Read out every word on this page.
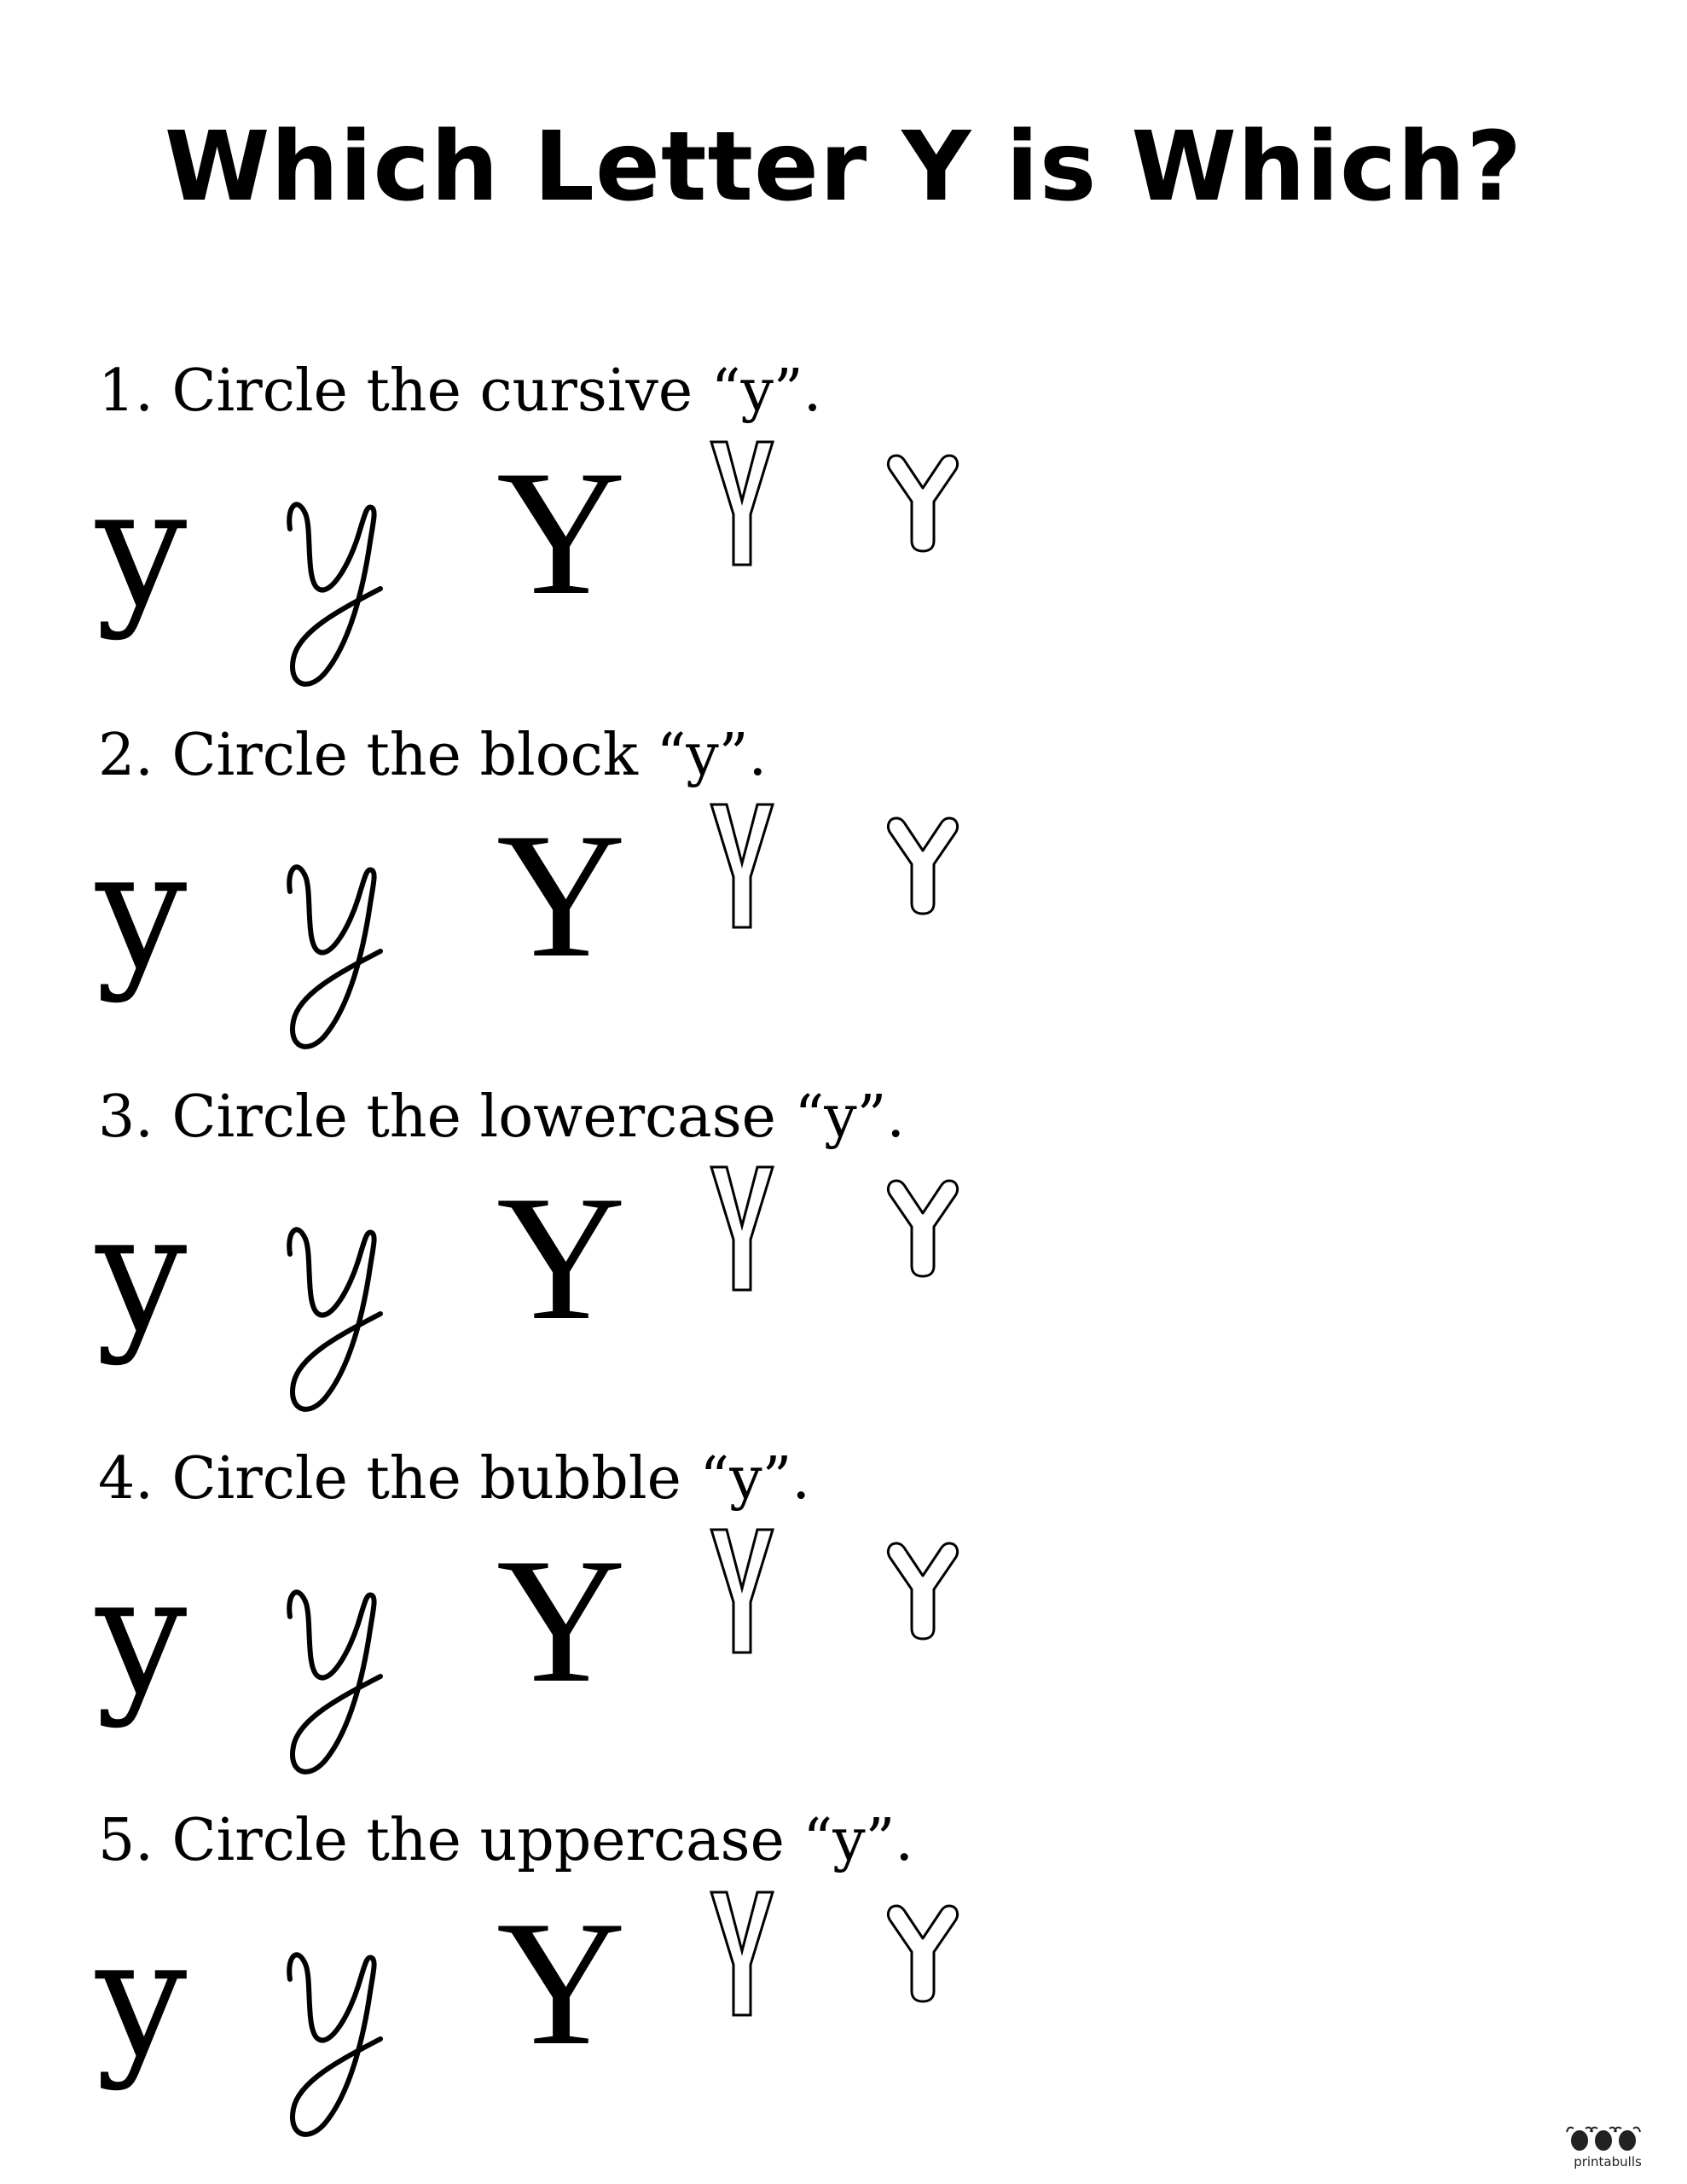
Which Letter Y is Which?
1. Circle the cursive “y”.
y Y
2. Circle the block “y”.
y Y
3. Circle the lowercase “y”.
y Y
4. Circle the bubble “y”.
y Y
5. Circle the uppercase “y”.
y Y
printabulls
